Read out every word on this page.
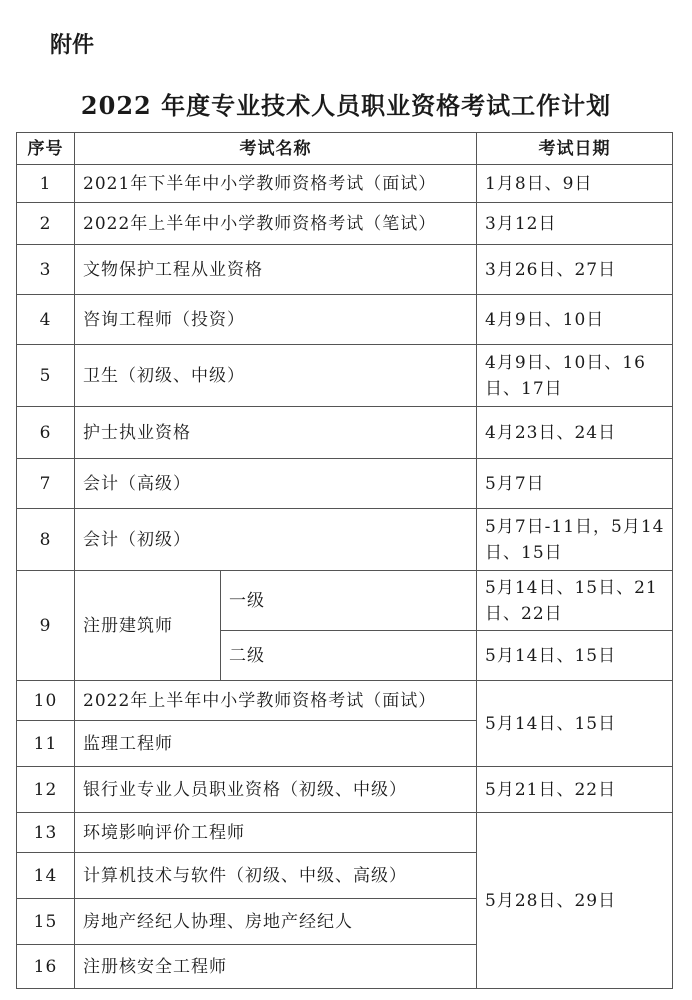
附件
2022 年度专业技术人员职业资格考试工作计划
序号	考试名称		考试日期
1	2021年下半年中小学教师资格考试（面试）		1月8日、9日
2	2022年上半年中小学教师资格考试（笔试）		3月12日
3	文物保护工程从业资格		3月26日、27日
4	咨询工程师（投资）		4月9日、10日
5	卫生（初级、中级）		4月9日、10日、16日、17日
6	护士执业资格		4月23日、24日
7	会计（高级）		5月7日
8	会计（初级）		5月7日-11日，5月14日、15日
9	注册建筑师	一级	5月14日、15日、21日、22日
		二级	5月14日、15日
10	2022年上半年中小学教师资格考试（面试）		5月14日、15日
11	监理工程师		
12	银行业专业人员职业资格（初级、中级）		5月21日、22日
13	环境影响评价工程师		5月28日、29日
14	计算机技术与软件（初级、中级、高级）		
15	房地产经纪人协理、房地产经纪人		
16	注册核安全工程师		
